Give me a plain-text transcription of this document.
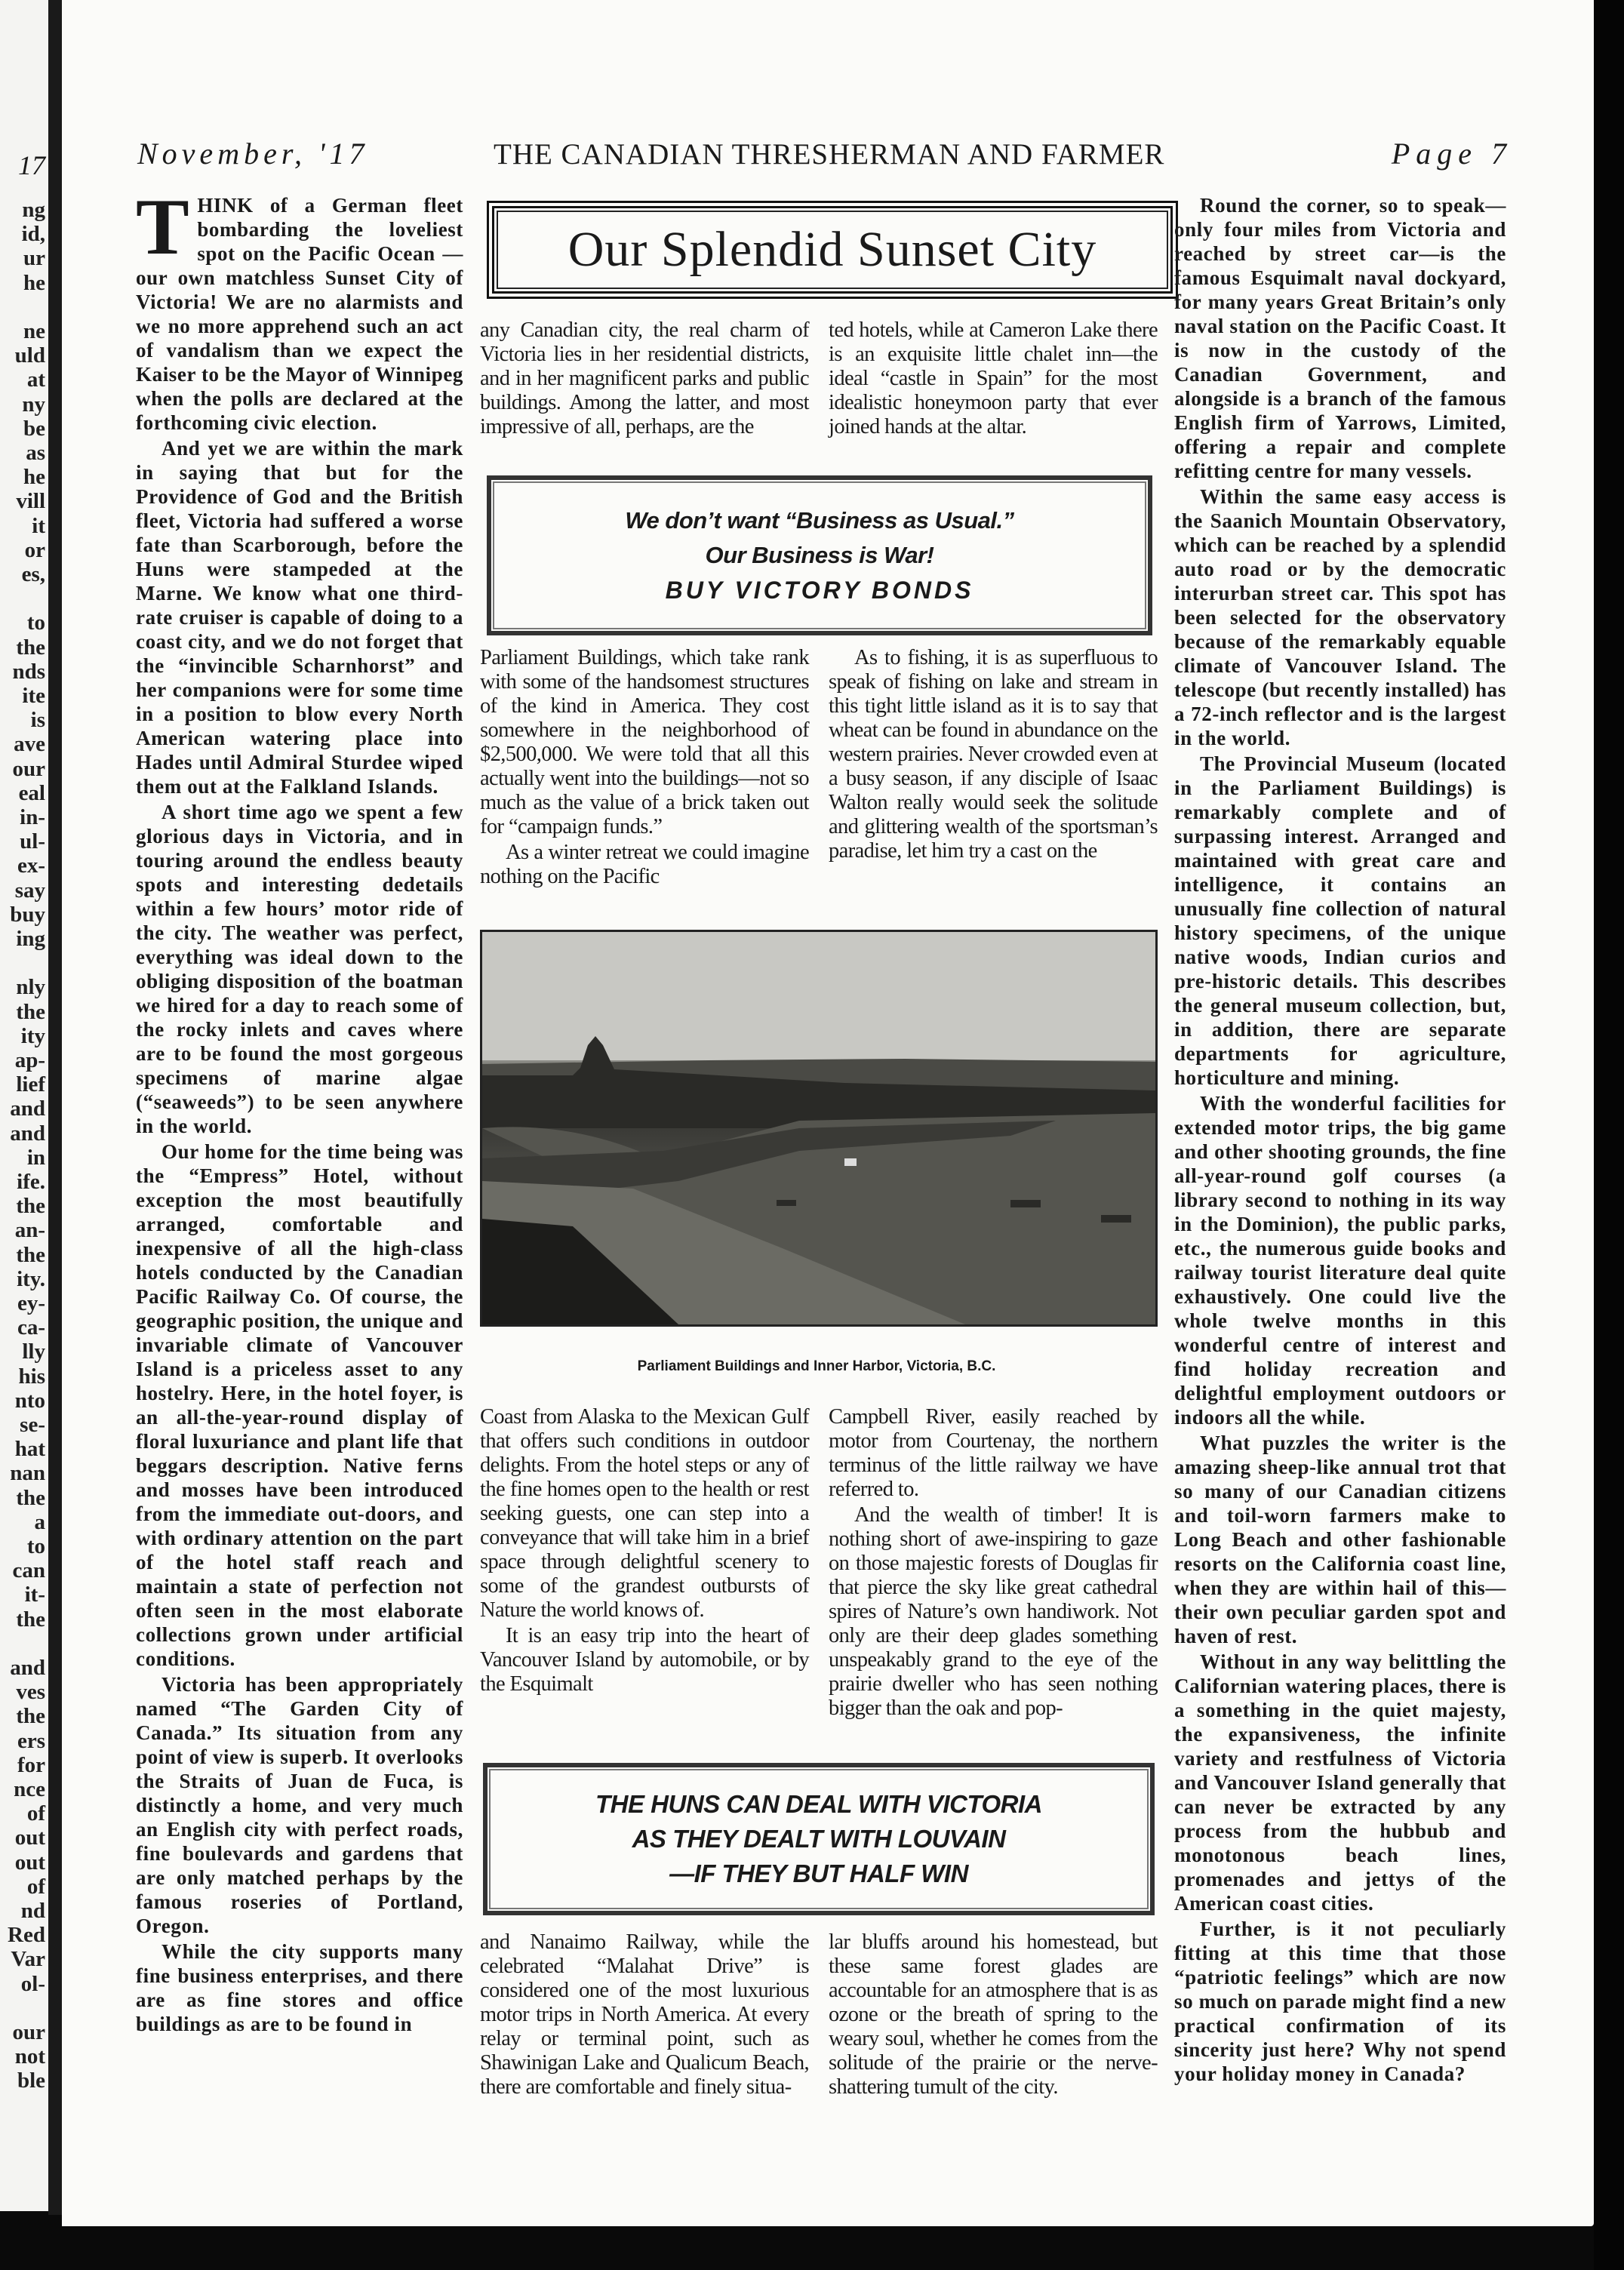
17
ng
id,
ur
he
ne
uld
at
ny
be
as
he
vill
it
or
es,
to
the
nds
ite
is
ave
our
eal
in-
ul-
ex-
say
buy
ing
nly
the
ity
ap-
lief
and
and
in
ife.
the
an-
the
ity.
ey-
ca-
lly
his
nto
se-
hat
nan
the
a
to
can
it-
the
and
ves
the
ers
for
nce
of
out
out
of
nd
Red
Var
ol-
our
not
ble
November, '17	THE CANADIAN THRESHERMAN AND FARMER	Page 7

THINK of a German fleet bombarding the loveliest spot on the Pacific Ocean —our own matchless Sunset City of Victoria! We are no alarmists and we no more apprehend such an act of vandalism than we expect the Kaiser to be the Mayor of Winnipeg when the polls are declared at the forthcoming civic election.

And yet we are within the mark in saying that but for the Providence of God and the British fleet, Victoria had suffered a worse fate than Scarborough, before the Huns were stampeded at the Marne. We know what one third-rate cruiser is capable of doing to a coast city, and we do not forget that the “invincible Scharnhorst” and her companions were for some time in a position to blow every North American watering place into Hades until Admiral Sturdee wiped them out at the Falkland Islands.

A short time ago we spent a few glorious days in Victoria, and in touring around the endless beauty spots and interesting dedetails within a few hours’ motor ride of the city. The weather was perfect, everything was ideal down to the obliging disposition of the boatman we hired for a day to reach some of the rocky inlets and caves where are to be found the most gorgeous specimens of marine algae (“seaweeds”) to be seen anywhere in the world.

Our home for the time being was the “Empress” Hotel, without exception the most beautifully arranged, comfortable and inexpensive of all the high-class hotels conducted by the Canadian Pacific Railway Co. Of course, the geographic position, the unique and invariable climate of Vancouver Island is a priceless asset to any hostelry. Here, in the hotel foyer, is an all-the-year-round display of floral luxuriance and plant life that beggars description. Native ferns and mosses have been introduced from the immediate out-doors, and with ordinary attention on the part of the hotel staff reach and maintain a state of perfection not often seen in the most elaborate collections grown under artificial conditions.

Victoria has been appropriately named “The Garden City of Canada.” Its situation from any point of view is superb. It overlooks the Straits of Juan de Fuca, is distinctly a home, and very much an English city with perfect roads, fine boulevards and gardens that are only matched perhaps by the famous roseries of Portland, Oregon.

While the city supports many fine business enterprises, and there are as fine stores and office buildings as are to be found in

Our Splendid Sunset City

any Canadian city, the real charm of Victoria lies in her residential districts, and in her magnificent parks and public buildings. Among the latter, and most impressive of all, perhaps, are the

ted hotels, while at Cameron Lake there is an exquisite little chalet inn—the ideal “castle in Spain” for the most idealistic honeymoon party that ever joined hands at the altar.

We don’t want “Business as Usual.”
Our Business is War!
BUY VICTORY BONDS

Parliament Buildings, which take rank with some of the handsomest structures of the kind in America. They cost somewhere in the neighborhood of $2,500,000. We were told that all this actually went into the buildings—not so much as the value of a brick taken out for “campaign funds.”

As a winter retreat we could imagine nothing on the Pacific

As to fishing, it is as superfluous to speak of fishing on lake and stream in this tight little island as it is to say that wheat can be found in abundance on the western prairies. Never crowded even at a busy season, if any disciple of Isaac Walton really would seek the solitude and glittering wealth of the sportsman’s paradise, let him try a cast on the

Parliament Buildings and Inner Harbor, Victoria, B.C.

Coast from Alaska to the Mexican Gulf that offers such conditions in outdoor delights. From the hotel steps or any of the fine homes open to the health or rest seeking guests, one can step into a conveyance that will take him in a brief space through delightful scenery to some of the grandest outbursts of Nature the world knows of.

It is an easy trip into the heart of Vancouver Island by automobile, or by the Esquimalt

Campbell River, easily reached by motor from Courtenay, the northern terminus of the little railway we have referred to.

And the wealth of timber! It is nothing short of awe-inspiring to gaze on those majestic forests of Douglas fir that pierce the sky like great cathedral spires of Nature’s own handiwork. Not only are their deep glades something unspeakably grand to the eye of the prairie dweller who has seen nothing bigger than the oak and pop-

THE HUNS CAN DEAL WITH VICTORIA
AS THEY DEALT WITH LOUVAIN
—IF THEY BUT HALF WIN

and Nanaimo Railway, while the celebrated “Malahat Drive” is considered one of the most luxurious motor trips in North America. At every relay or terminal point, such as Shawinigan Lake and Qualicum Beach, there are comfortable and finely situa-

lar bluffs around his homestead, but these same forest glades are accountable for an atmosphere that is as ozone or the breath of spring to the weary soul, whether he comes from the solitude of the prairie or the nerve-shattering tumult of the city.

Round the corner, so to speak—only four miles from Victoria and reached by street car—is the famous Esquimalt naval dockyard, for many years Great Britain’s only naval station on the Pacific Coast. It is now in the custody of the Canadian Government, and alongside is a branch of the famous English firm of Yarrows, Limited, offering a repair and complete refitting centre for many vessels.

Within the same easy access is the Saanich Mountain Observatory, which can be reached by a splendid auto road or by the democratic interurban street car. This spot has been selected for the observatory because of the remarkably equable climate of Vancouver Island. The telescope (but recently installed) has a 72-inch reflector and is the largest in the world.

The Provincial Museum (located in the Parliament Buildings) is remarkably complete and of surpassing interest. Arranged and maintained with great care and intelligence, it contains an unusually fine collection of natural history specimens, of the unique native woods, Indian curios and pre-historic details. This describes the general museum collection, but, in addition, there are separate departments for agriculture, horticulture and mining.

With the wonderful facilities for extended motor trips, the big game and other shooting grounds, the fine all-year-round golf courses (a library second to nothing in its way in the Dominion), the public parks, etc., the numerous guide books and railway tourist literature deal quite exhaustively. One could live the whole twelve months in this wonderful centre of interest and find holiday recreation and delightful employment outdoors or indoors all the while.

What puzzles the writer is the amazing sheep-like annual trot that so many of our Canadian citizens and toil-worn farmers make to Long Beach and other fashionable resorts on the California coast line, when they are within hail of this—their own peculiar garden spot and haven of rest.

Without in any way belittling the Californian watering places, there is a something in the quiet majesty, the expansiveness, the infinite variety and restfulness of Victoria and Vancouver Island generally that can never be extracted by any process from the hubbub and monotonous beach lines, promenades and jettys of the American coast cities.

Further, is it not peculiarly fitting at this time that those “patriotic feelings” which are now so much on parade might find a new practical confirmation of its sincerity just here? Why not spend your holiday money in Canada?
